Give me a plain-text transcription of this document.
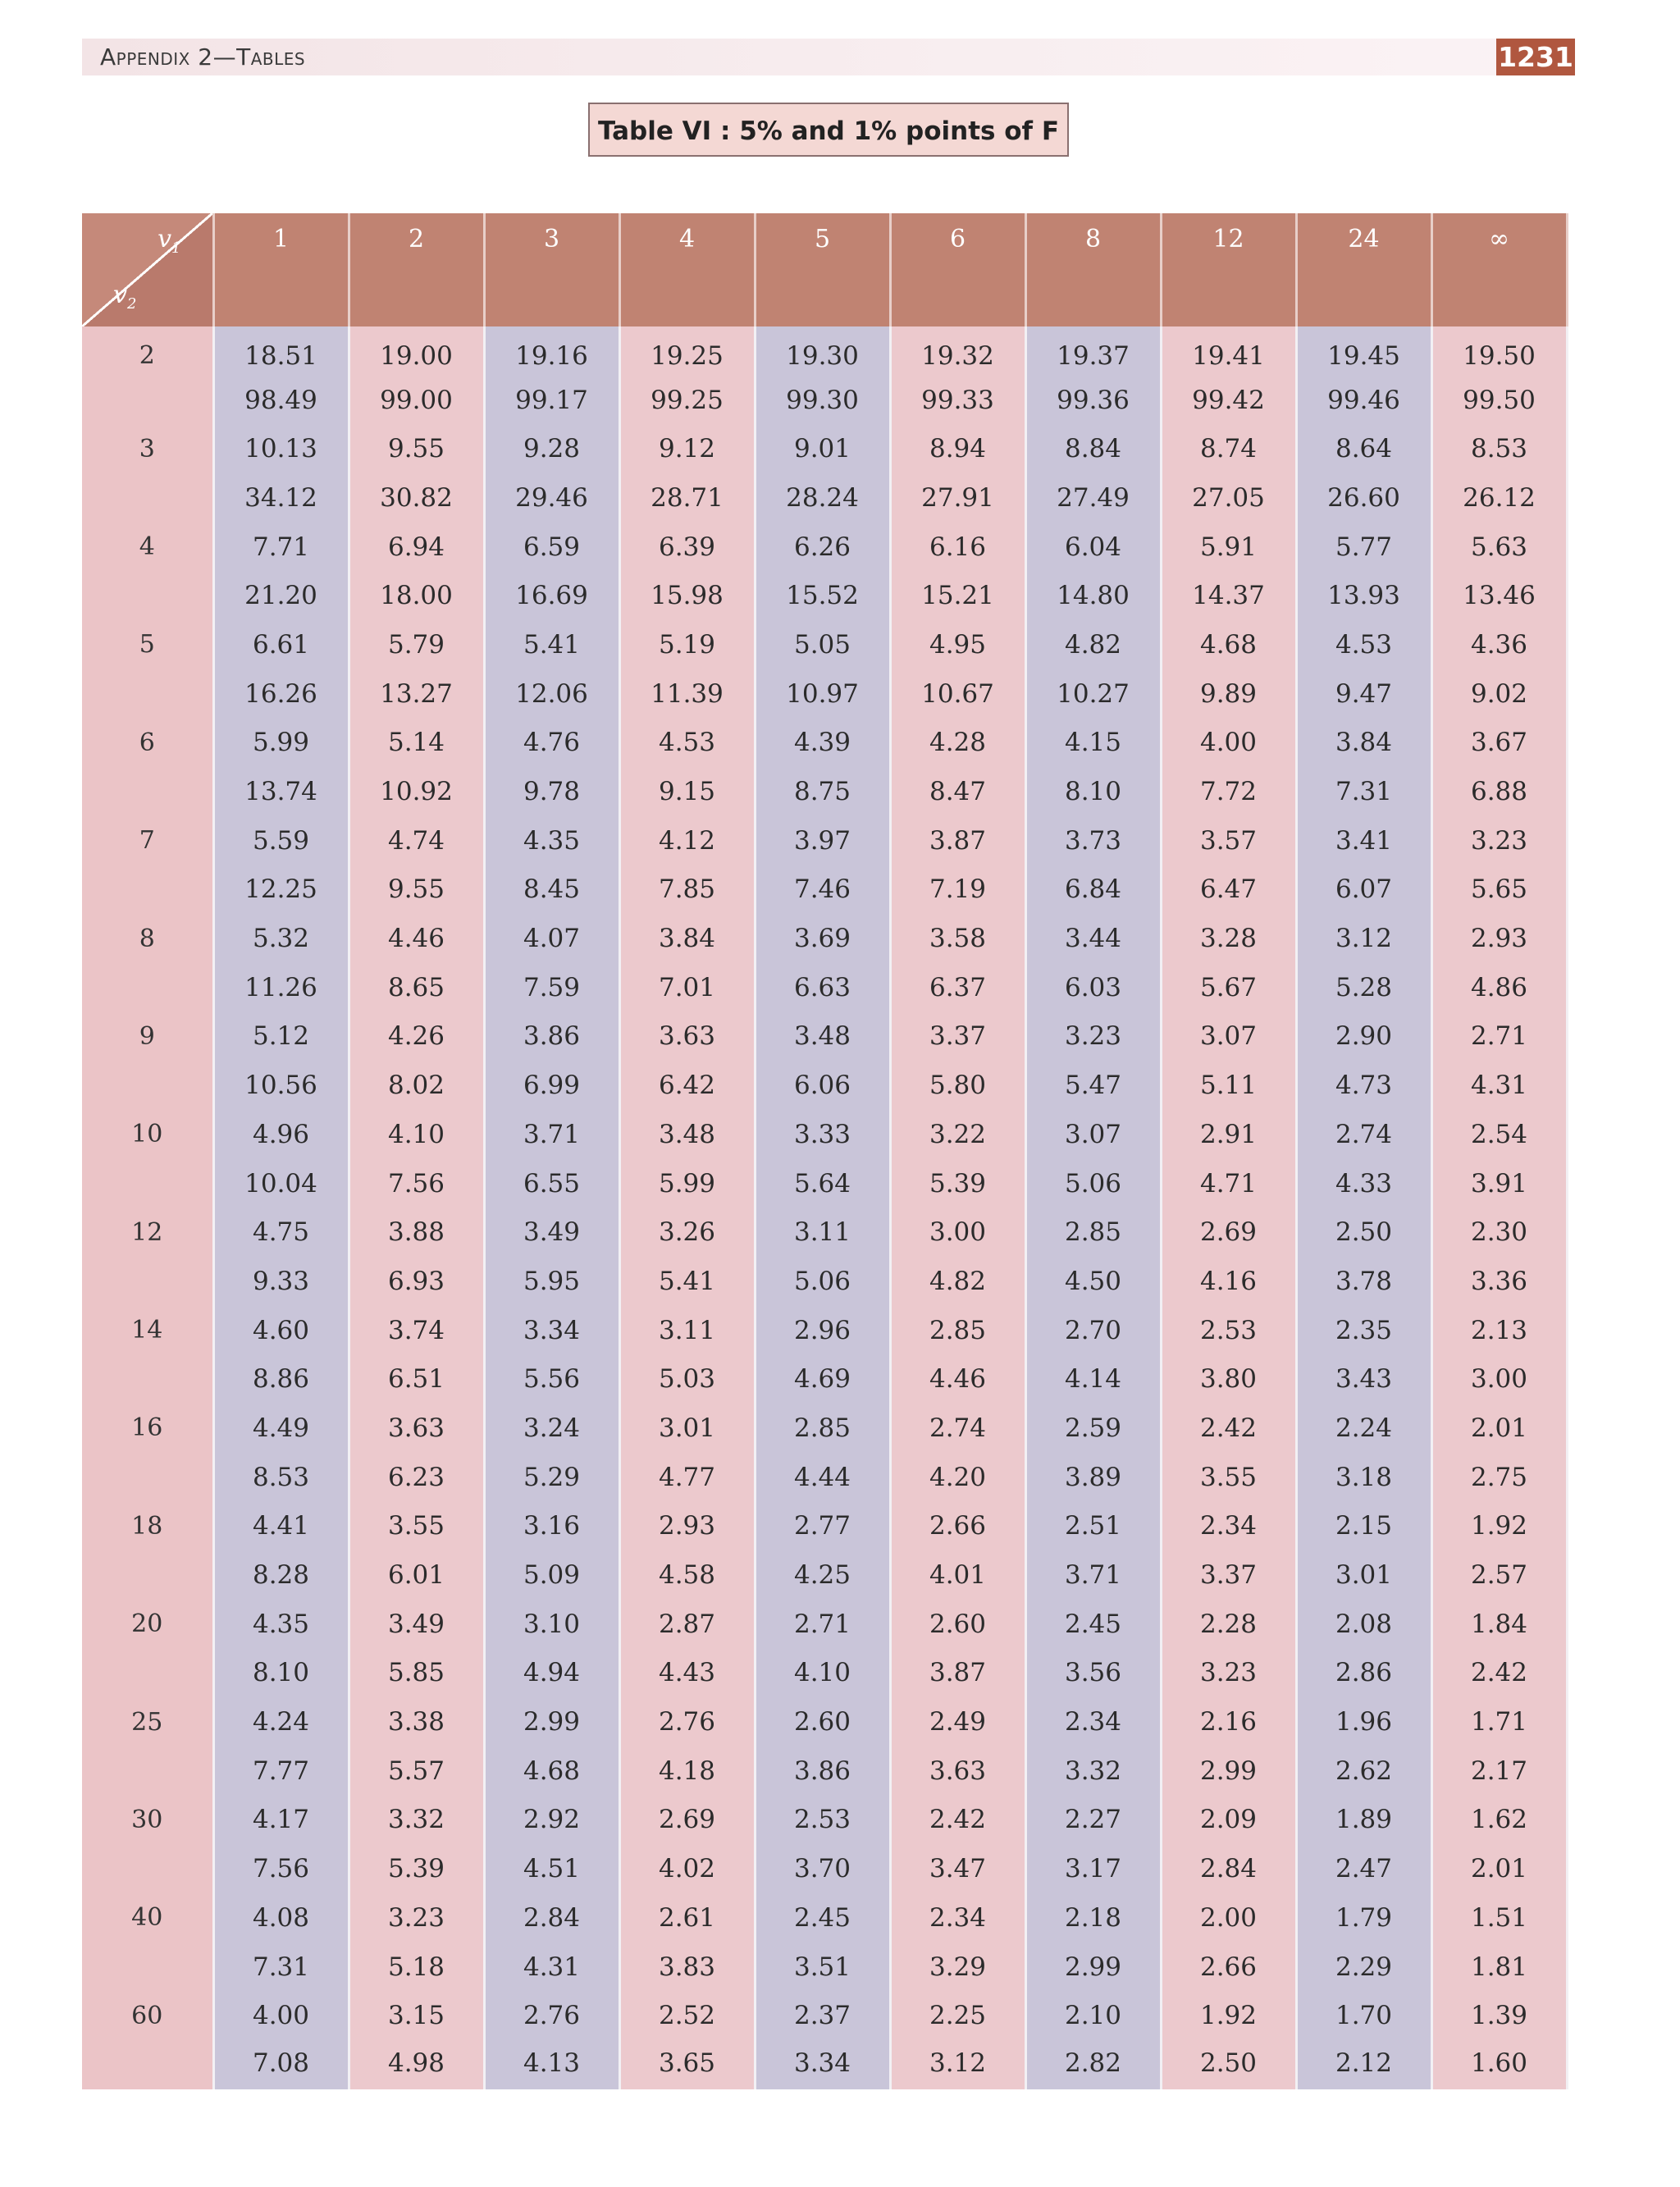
Appendix 2—Tables	1231
Table VI : 5% and 1% points of F
$v_1$
$v_2$	1	2	3	4	5	6	8	12	24	∞
2	18.51	19.00	19.16	19.25	19.30	19.32	19.37	19.41	19.45	19.50
	98.49	99.00	99.17	99.25	99.30	99.33	99.36	99.42	99.46	99.50
3	10.13	9.55	9.28	9.12	9.01	8.94	8.84	8.74	8.64	8.53
	34.12	30.82	29.46	28.71	28.24	27.91	27.49	27.05	26.60	26.12
4	7.71	6.94	6.59	6.39	6.26	6.16	6.04	5.91	5.77	5.63
	21.20	18.00	16.69	15.98	15.52	15.21	14.80	14.37	13.93	13.46
5	6.61	5.79	5.41	5.19	5.05	4.95	4.82	4.68	4.53	4.36
	16.26	13.27	12.06	11.39	10.97	10.67	10.27	9.89	9.47	9.02
6	5.99	5.14	4.76	4.53	4.39	4.28	4.15	4.00	3.84	3.67
	13.74	10.92	9.78	9.15	8.75	8.47	8.10	7.72	7.31	6.88
7	5.59	4.74	4.35	4.12	3.97	3.87	3.73	3.57	3.41	3.23
	12.25	9.55	8.45	7.85	7.46	7.19	6.84	6.47	6.07	5.65
8	5.32	4.46	4.07	3.84	3.69	3.58	3.44	3.28	3.12	2.93
	11.26	8.65	7.59	7.01	6.63	6.37	6.03	5.67	5.28	4.86
9	5.12	4.26	3.86	3.63	3.48	3.37	3.23	3.07	2.90	2.71
	10.56	8.02	6.99	6.42	6.06	5.80	5.47	5.11	4.73	4.31
10	4.96	4.10	3.71	3.48	3.33	3.22	3.07	2.91	2.74	2.54
	10.04	7.56	6.55	5.99	5.64	5.39	5.06	4.71	4.33	3.91
12	4.75	3.88	3.49	3.26	3.11	3.00	2.85	2.69	2.50	2.30
	9.33	6.93	5.95	5.41	5.06	4.82	4.50	4.16	3.78	3.36
14	4.60	3.74	3.34	3.11	2.96	2.85	2.70	2.53	2.35	2.13
	8.86	6.51	5.56	5.03	4.69	4.46	4.14	3.80	3.43	3.00
16	4.49	3.63	3.24	3.01	2.85	2.74	2.59	2.42	2.24	2.01
	8.53	6.23	5.29	4.77	4.44	4.20	3.89	3.55	3.18	2.75
18	4.41	3.55	3.16	2.93	2.77	2.66	2.51	2.34	2.15	1.92
	8.28	6.01	5.09	4.58	4.25	4.01	3.71	3.37	3.01	2.57
20	4.35	3.49	3.10	2.87	2.71	2.60	2.45	2.28	2.08	1.84
	8.10	5.85	4.94	4.43	4.10	3.87	3.56	3.23	2.86	2.42
25	4.24	3.38	2.99	2.76	2.60	2.49	2.34	2.16	1.96	1.71
	7.77	5.57	4.68	4.18	3.86	3.63	3.32	2.99	2.62	2.17
30	4.17	3.32	2.92	2.69	2.53	2.42	2.27	2.09	1.89	1.62
	7.56	5.39	4.51	4.02	3.70	3.47	3.17	2.84	2.47	2.01
40	4.08	3.23	2.84	2.61	2.45	2.34	2.18	2.00	1.79	1.51
	7.31	5.18	4.31	3.83	3.51	3.29	2.99	2.66	2.29	1.81
60	4.00	3.15	2.76	2.52	2.37	2.25	2.10	1.92	1.70	1.39
	7.08	4.98	4.13	3.65	3.34	3.12	2.82	2.50	2.12	1.60
